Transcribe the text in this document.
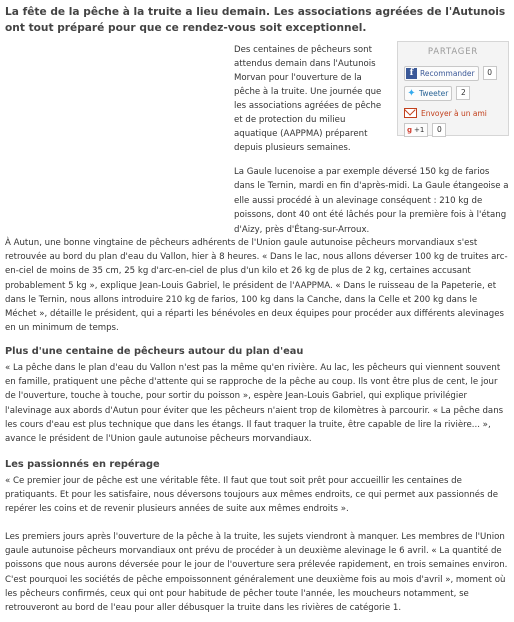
La fête de la pêche à la truite a lieu demain. Les associations agréées de l'Autunois ont tout préparé pour que ce rendez-vous soit exceptionnel.

Des centaines de pêcheurs sont attendus demain dans l'Autunois Morvan pour l'ouverture de la pêche à la truite. Une journée que les associations agréées de pêche et de protection du milieu aquatique (AAPPMA) préparent depuis plusieurs semaines.

PARTAGER
f Recommander	0
✦ Tweeter	2
Envoyer à un ami
g +1	0

La Gaule lucenoise a par exemple déversé 150 kg de farios dans le Ternin, mardi en fin d'après-midi. La Gaule étangeoise a elle aussi procédé à un alevinage conséquent : 210 kg de poissons, dont 40 ont été lâchés pour la première fois à l'étang d'Aizy, près d'Étang-sur-Arroux.

À Autun, une bonne vingtaine de pêcheurs adhérents de l'Union gaule autunoise pêcheurs morvandiaux s'est retrouvée au bord du plan d'eau du Vallon, hier à 8 heures. « Dans le lac, nous allons déverser 100 kg de truites arc-en-ciel de moins de 35 cm, 25 kg d'arc-en-ciel de plus d'un kilo et 26 kg de plus de 2 kg, certaines accusant probablement 5 kg », explique Jean-Louis Gabriel, le président de l'AAPPMA. « Dans le ruisseau de la Papeterie, et dans le Ternin, nous allons introduire 210 kg de farios, 100 kg dans la Canche, dans la Celle et 200 kg dans le Méchet », détaille le président, qui a réparti les bénévoles en deux équipes pour procéder aux différents alevinages en un minimum de temps.

Plus d'une centaine de pêcheurs autour du plan d'eau

« La pêche dans le plan d'eau du Vallon n'est pas la même qu'en rivière. Au lac, les pêcheurs qui viennent souvent en famille, pratiquent une pêche d'attente qui se rapproche de la pêche au coup. Ils vont être plus de cent, le jour de l'ouverture, touche à touche, pour sortir du poisson », espère Jean-Louis Gabriel, qui explique privilégier l'alevinage aux abords d'Autun pour éviter que les pêcheurs n'aient trop de kilomètres à parcourir. « La pêche dans les cours d'eau est plus technique que dans les étangs. Il faut traquer la truite, être capable de lire la rivière... », avance le président de l'Union gaule autunoise pêcheurs morvandiaux.

Les passionnés en repérage

« Ce premier jour de pêche est une véritable fête. Il faut que tout soit prêt pour accueillir les centaines de pratiquants. Et pour les satisfaire, nous déversons toujours aux mêmes endroits, ce qui permet aux passionnés de repérer les coins et de revenir plusieurs années de suite aux mêmes endroits ».

Les premiers jours après l'ouverture de la pêche à la truite, les sujets viendront à manquer. Les membres de l'Union gaule autunoise pêcheurs morvandiaux ont prévu de procéder à un deuxième alevinage le 6 avril. « La quantité de poissons que nous aurons déversée pour le jour de l'ouverture sera prélevée rapidement, en trois semaines environ. C'est pourquoi les sociétés de pêche empoissonnent généralement une deuxième fois au mois d'avril », moment où les pêcheurs confirmés, ceux qui ont pour habitude de pêcher toute l'année, les moucheurs notamment, se retrouveront au bord de l'eau pour aller débusquer la truite dans les rivières de catégorie 1.
